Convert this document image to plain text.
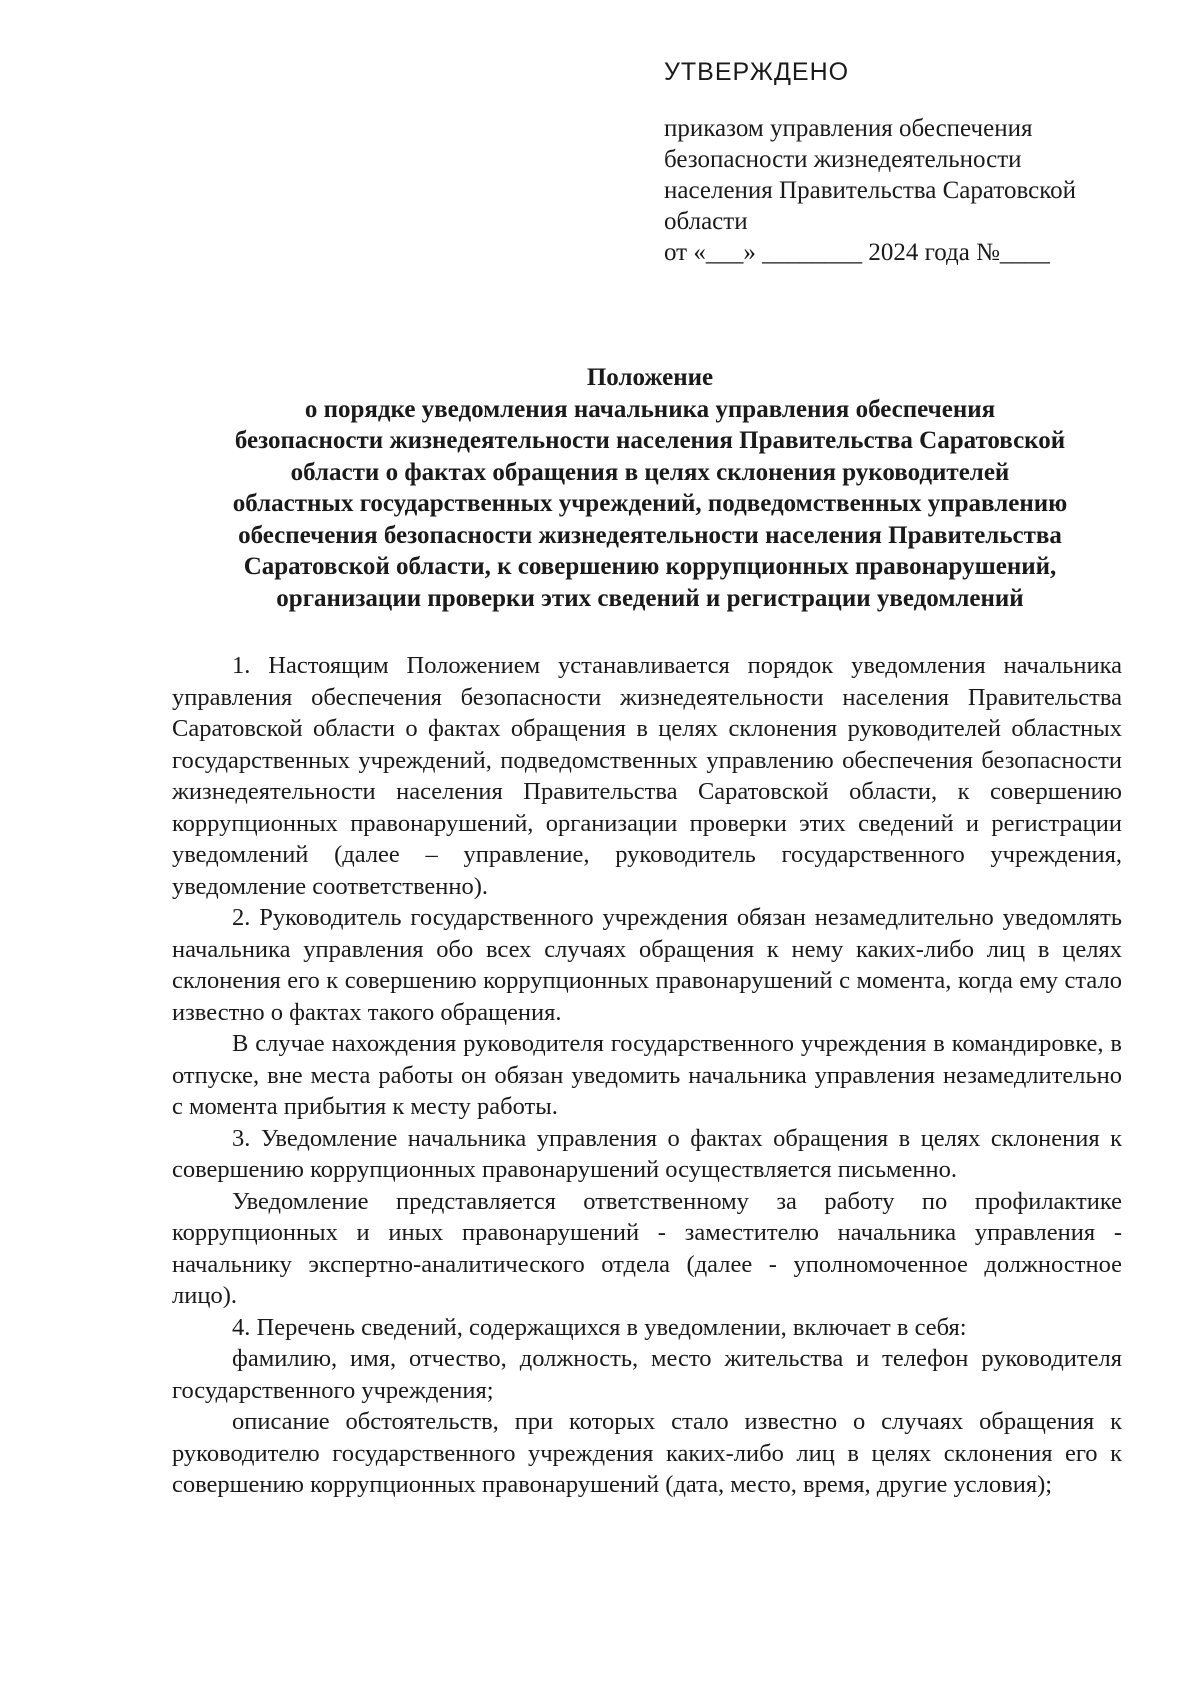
УТВЕРЖДЕНО
приказом управления обеспечения
безопасности жизнедеятельности
населения Правительства Саратовской
области
от «___» ________ 2024 года №____
Положение
о порядке уведомления начальника управления обеспечения
безопасности жизнедеятельности населения Правительства Саратовской
области о фактах обращения в целях склонения руководителей
областных государственных учреждений, подведомственных управлению
обеспечения безопасности жизнедеятельности населения Правительства
Саратовской области, к совершению коррупционных правонарушений,
организации проверки этих сведений и регистрации уведомлений

1. Настоящим Положением устанавливается порядок уведомления начальника управления обеспечения безопасности жизнедеятельности населения Правительства Саратовской области о фактах обращения в целях склонения руководителей областных государственных учреждений, подведомственных управлению обеспечения безопасности жизнедеятельности населения Правительства Саратовской области, к совершению коррупционных правонарушений, организации проверки этих сведений и регистрации уведомлений (далее – управление, руководитель государственного учреждения, уведомление соответственно).

2. Руководитель государственного учреждения обязан незамедлительно уведомлять начальника управления обо всех случаях обращения к нему каких-либо лиц в целях склонения его к совершению коррупционных правонарушений с момента, когда ему стало известно о фактах такого обращения.

В случае нахождения руководителя государственного учреждения в командировке, в отпуске, вне места работы он обязан уведомить начальника управления незамедлительно с момента прибытия к месту работы.

3. Уведомление начальника управления о фактах обращения в целях склонения к совершению коррупционных правонарушений осуществляется письменно.

Уведомление представляется ответственному за работу по профилактике коррупционных и иных правонарушений - заместителю начальника управления - начальнику экспертно-аналитического отдела (далее - уполномоченное должностное лицо).

4. Перечень сведений, содержащихся в уведомлении, включает в себя:

фамилию, имя, отчество, должность, место жительства и телефон руководителя государственного учреждения;

описание обстоятельств, при которых стало известно о случаях обращения к руководителю государственного учреждения каких-либо лиц в целях склонения его к совершению коррупционных правонарушений (дата, место, время, другие условия);
